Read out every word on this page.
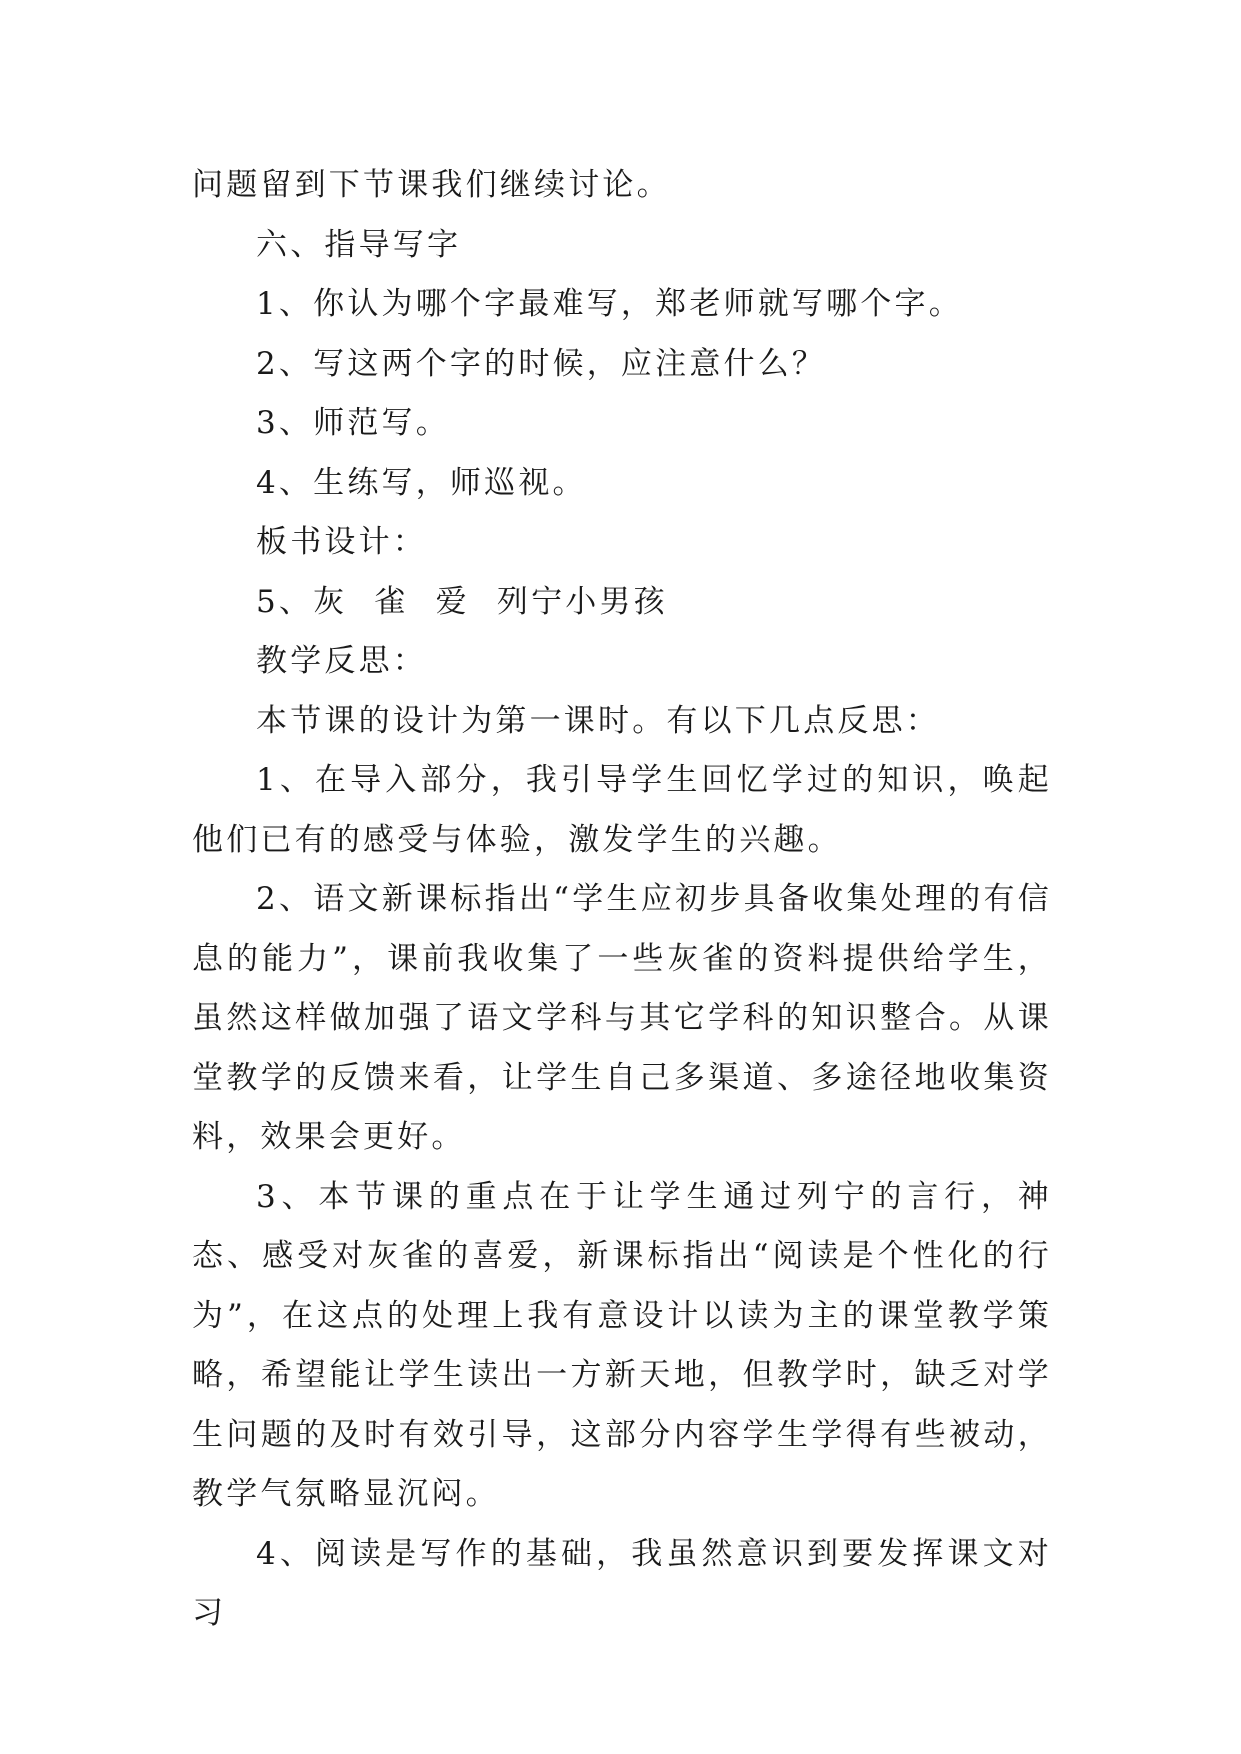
问题留到下节课我们继续讨论。

六、指导写字

1、你认为哪个字最难写，郑老师就写哪个字。

2、写这两个字的时候，应注意什么？

3、师范写。

4、生练写，师巡视。

板书设计：

5、灰 雀 爱 列宁小男孩

教学反思：

本节课的设计为第一课时。有以下几点反思：

1、在导入部分，我引导学生回忆学过的知识，唤起他们已有的感受与体验，激发学生的兴趣。

2、语文新课标指出“学生应初步具备收集处理的有信息的能力”，课前我收集了一些灰雀的资料提供给学生，虽然这样做加强了语文学科与其它学科的知识整合。从课堂教学的反馈来看，让学生自己多渠道、多途径地收集资料，效果会更好。

3、本节课的重点在于让学生通过列宁的言行，神态、感受对灰雀的喜爱，新课标指出“阅读是个性化的行为”，在这点的处理上我有意设计以读为主的课堂教学策略，希望能让学生读出一方新天地，但教学时，缺乏对学生问题的及时有效引导，这部分内容学生学得有些被动，教学气氛略显沉闷。

4、阅读是写作的基础，我虽然意识到要发挥课文对习
